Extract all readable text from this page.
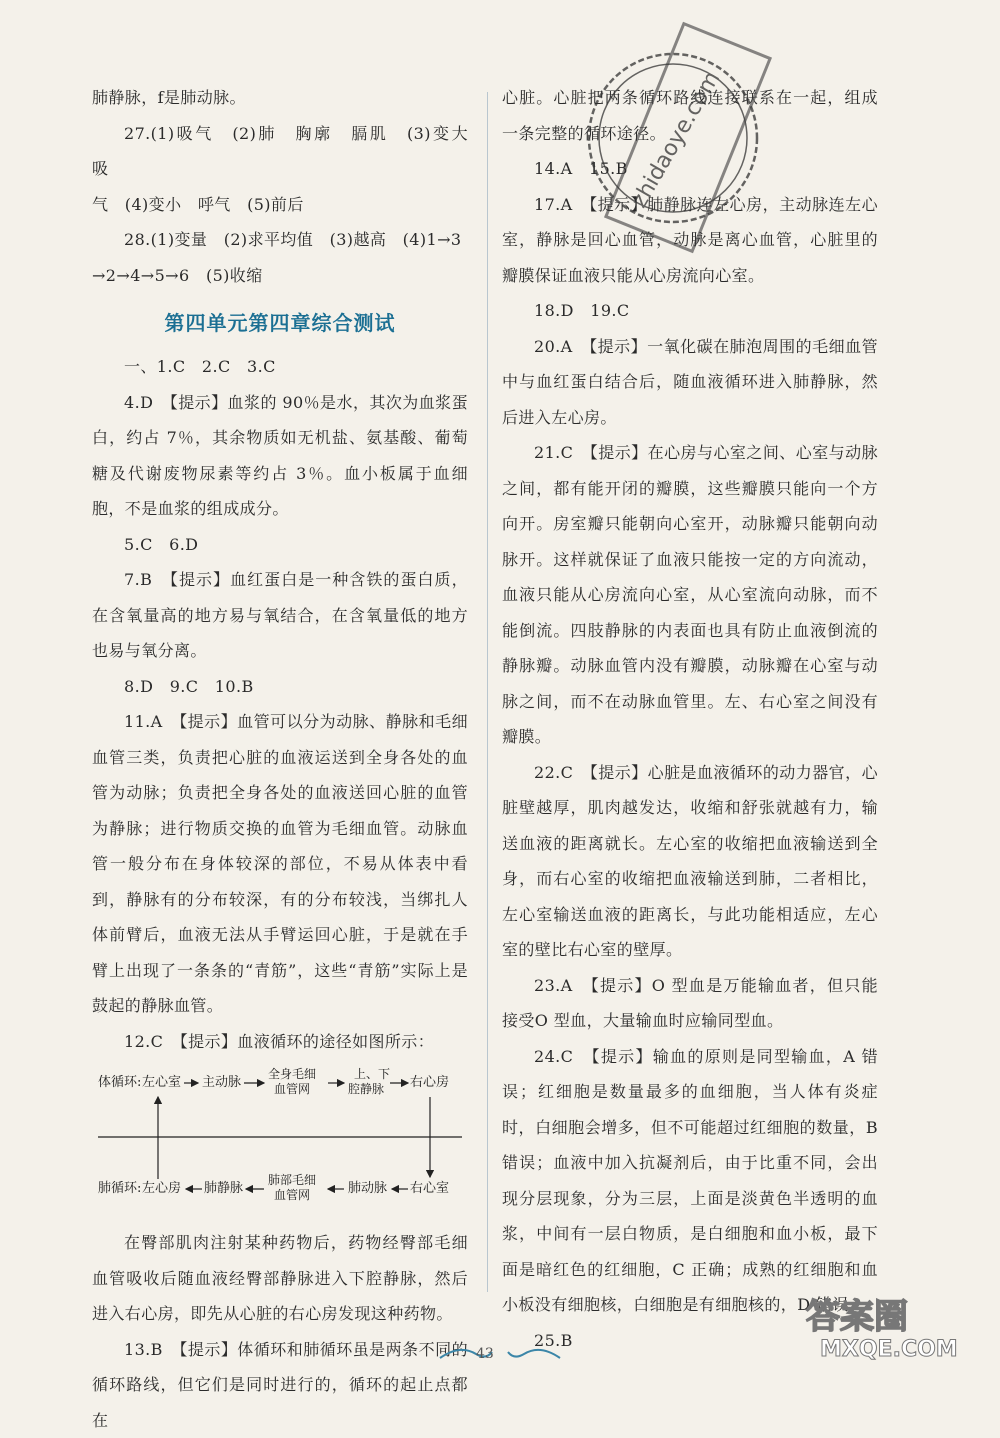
肺静脉，f是肺动脉。

27.(1)吸气　(2)肺　胸廓　膈肌　(3)变大　吸

气　(4)变小　呼气　(5)前后

28.(1)变量　(2)求平均值　(3)越高　(4)1→3

→2→4→5→6　(5)收缩

第四单元第四章综合测试

一、1.C　2.C　3.C

4.D　【提示】血浆的 90％是水，其次为血浆蛋白，约占 7％，其余物质如无机盐、氨基酸、葡萄糖及代谢废物尿素等约占 3％。血小板属于血细胞，不是血浆的组成成分。

5.C　6.D

7.B　【提示】血红蛋白是一种含铁的蛋白质，在含氧量高的地方易与氧结合，在含氧量低的地方也易与氧分离。

8.D　9.C　10.B

11.A　【提示】血管可以分为动脉、静脉和毛细血管三类，负责把心脏的血液运送到全身各处的血管为动脉；负责把全身各处的血液送回心脏的血管为静脉；进行物质交换的血管为毛细血管。动脉血管一般分布在身体较深的部位，不易从体表中看到，静脉有的分布较深，有的分布较浅，当绑扎人体前臂后，血液无法从手臂运回心脏，于是就在手臂上出现了一条条的“青筋”，这些“青筋”实际上是鼓起的静脉血管。

12.C　【提示】血液循环的途径如图所示：

体循环: 左心室 主动脉
全身毛细
血管网
上、下
腔静脉 右心房
肺循环: 左心房 肺静脉
肺部毛细
血管网	肺动脉 右心室

在臀部肌肉注射某种药物后，药物经臀部毛细血管吸收后随血液经臀部静脉进入下腔静脉，然后进入右心房，即先从心脏的右心房发现这种药物。

13.B　【提示】体循环和肺循环虽是两条不同的循环路线，但它们是同时进行的，循环的起止点都在

心脏。心脏把两条循环路线连接联系在一起，组成一条完整的循环途径。

14.A　15.B

17.A　【提示】肺静脉连左心房，主动脉连左心室，静脉是回心血管，动脉是离心血管，心脏里的瓣膜保证血液只能从心房流向心室。

18.D　19.C

20.A　【提示】一氧化碳在肺泡周围的毛细血管中与血红蛋白结合后，随血液循环进入肺静脉，然后进入左心房。

21.C　【提示】在心房与心室之间、心室与动脉之间，都有能开闭的瓣膜，这些瓣膜只能向一个方向开。房室瓣只能朝向心室开，动脉瓣只能朝向动脉开。这样就保证了血液只能按一定的方向流动，血液只能从心房流向心室，从心室流向动脉，而不能倒流。四肢静脉的内表面也具有防止血液倒流的静脉瓣。动脉血管内没有瓣膜，动脉瓣在心室与动脉之间，而不在动脉血管里。左、右心室之间没有瓣膜。

22.C　【提示】心脏是血液循环的动力器官，心脏壁越厚，肌肉越发达，收缩和舒张就越有力，输送血液的距离就长。左心室的收缩把血液输送到全身，而右心室的收缩把血液输送到肺，二者相比，左心室输送血液的距离长，与此功能相适应，左心室的壁比右心室的壁厚。

23.A　【提示】O 型血是万能输血者，但只能接受O 型血，大量输血时应输同型血。

24.C　【提示】输血的原则是同型输血，A 错误；红细胞是数量最多的血细胞，当人体有炎症时，白细胞会增多，但不可能超过红细胞的数量，B 错误；血液中加入抗凝剂后，由于比重不同，会出现分层现象，分为三层，上面是淡黄色半透明的血浆，中间有一层白物质，是白细胞和血小板，最下面是暗红色的红细胞，C 正确；成熟的红细胞和血小板没有细胞核，白细胞是有细胞核的，D 错误。

25.B

zhidaoye.com
答案圈
MXQE.COM
43
